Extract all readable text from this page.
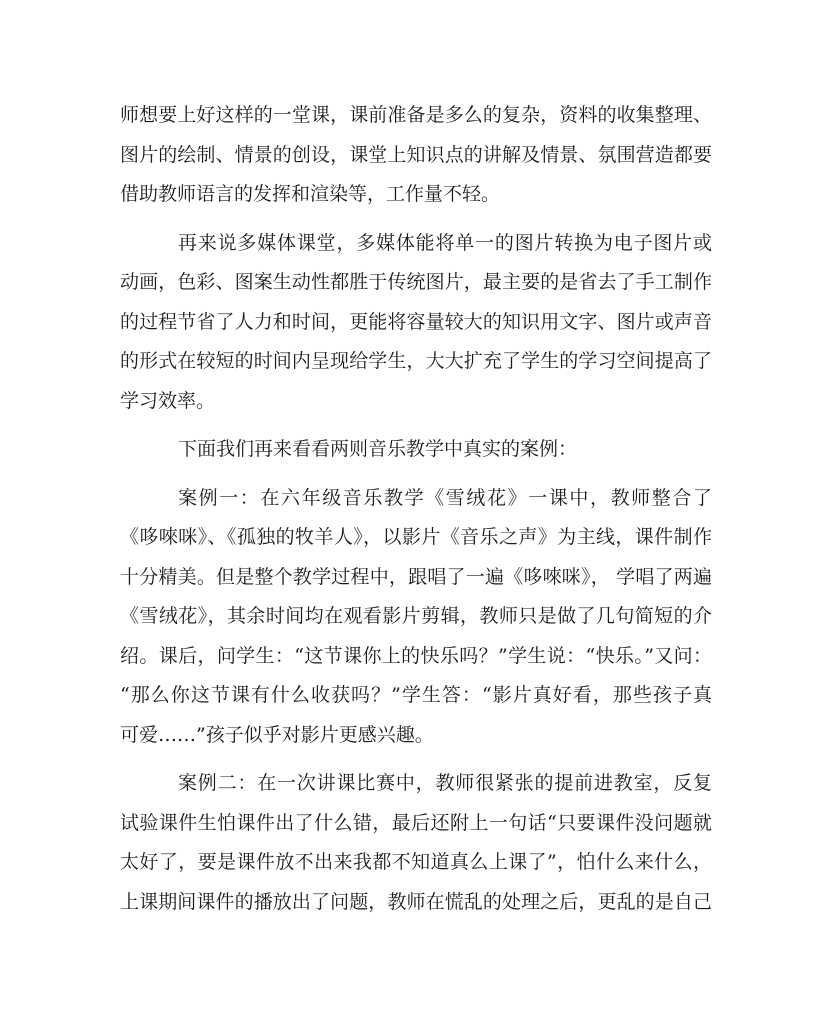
师想要上好这样的一堂课，课前准备是多么的复杂，资料的收集整理、
图片的绘制、情景的创设，课堂上知识点的讲解及情景、氛围营造都要
借助教师语言的发挥和渲染等，工作量不轻。
再来说多媒体课堂，多媒体能将单一的图片转换为电子图片或
动画，色彩、图案生动性都胜于传统图片，最主要的是省去了手工制作
的过程节省了人力和时间，更能将容量较大的知识用文字、图片或声音
的形式在较短的时间内呈现给学生，大大扩充了学生的学习空间提高了
学习效率。
下面我们再来看看两则音乐教学中真实的案例：
案例一：在六年级音乐教学《雪绒花》一课中，教师整合了
《哆唻咪》、《孤独的牧羊人》，以影片《音乐之声》为主线，课件制作
十分精美。但是整个教学过程中，跟唱了一遍《哆唻咪》， 学唱了两遍
《雪绒花》，其余时间均在观看影片剪辑，教师只是做了几句简短的介
绍。课后，问学生：“这节课你上的快乐吗？”学生说：“快乐。”又问：
“那么你这节课有什么收获吗？”学生答：“影片真好看，那些孩子真
可爱……”孩子似乎对影片更感兴趣。
案例二：在一次讲课比赛中，教师很紧张的提前进教室，反复
试验课件生怕课件出了什么错，最后还附上一句话“只要课件没问题就
太好了，要是课件放不出来我都不知道真么上课了”，怕什么来什么，
上课期间课件的播放出了问题，教师在慌乱的处理之后，更乱的是自己
